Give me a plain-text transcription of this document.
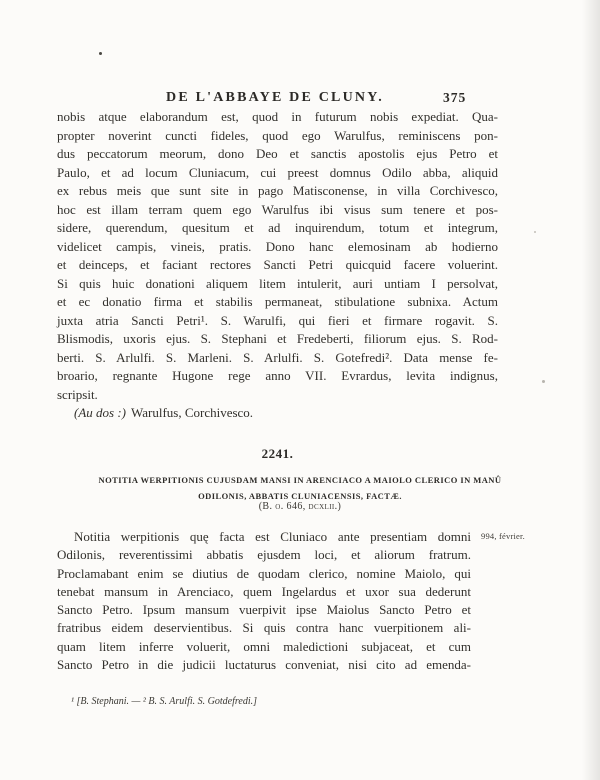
DE L'ABBAYE DE CLUNY.	375
nobis atque elaborandum est, quod in futurum nobis expediat. Qua-
propter noverint cuncti fideles, quod ego Warulfus, reminiscens pon-
dus peccatorum meorum, dono Deo et sanctis apostolis ejus Petro et
Paulo, et ad locum Cluniacum, cui preest domnus Odilo abba, aliquid
ex rebus meis que sunt site in pago Matisconense, in villa Corchivesco,
hoc est illam terram quem ego Warulfus ibi visus sum tenere et pos-
sidere, querendum, quesitum et ad inquirendum, totum et integrum,
videlicet campis, vineis, pratis. Dono hanc elemosinam ab hodierno
et deinceps, et faciant rectores Sancti Petri quicquid facere voluerint.
Si quis huic donationi aliquem litem intulerit, auri untiam I persolvat,
et ec donatio firma et stabilis permaneat, stibulatione subnixa. Actum
juxta atria Sancti Petri¹. S. Warulfi, qui fieri et firmare rogavit. S.
Blismodis, uxoris ejus. S. Stephani et Fredeberti, filiorum ejus. S. Rod-
berti. S. Arlulfi. S. Marleni. S. Arlulfi. S. Gotefredi². Data mense fe-
broario, regnante Hugone rege anno VII. Evrardus, levita indignus,
scripsit.
(Au dos :) Warulfus, Corchivesco.
2241.
NOTITIA WERPITIONIS CUJUSDAM MANSI IN ARENCIACO A MAIOLO CLERICO IN MANÛ
ODILONIS, ABBATIS CLUNIACENSIS, FACTÆ.
(B. o. 646, dcxlii.)
994, février.
Notitia werpitionis quę facta est Cluniaco ante presentiam domni
Odilonis, reverentissimi abbatis ejusdem loci, et aliorum fratrum.
Proclamabant enim se diutius de quodam clerico, nomine Maiolo, qui
tenebat mansum in Arenciaco, quem Ingelardus et uxor sua dederunt
Sancto Petro. Ipsum mansum vuerpivit ipse Maiolus Sancto Petro et
fratribus eidem deservientibus. Si quis contra hanc vuerpitionem ali-
quam litem inferre voluerit, omni maledictioni subjaceat, et cum
Sancto Petro in die judicii luctaturus conveniat, nisi cito ad emenda-
¹ [B. Stephani. — ² B. S. Arulfi. S. Gotdefredi.]
